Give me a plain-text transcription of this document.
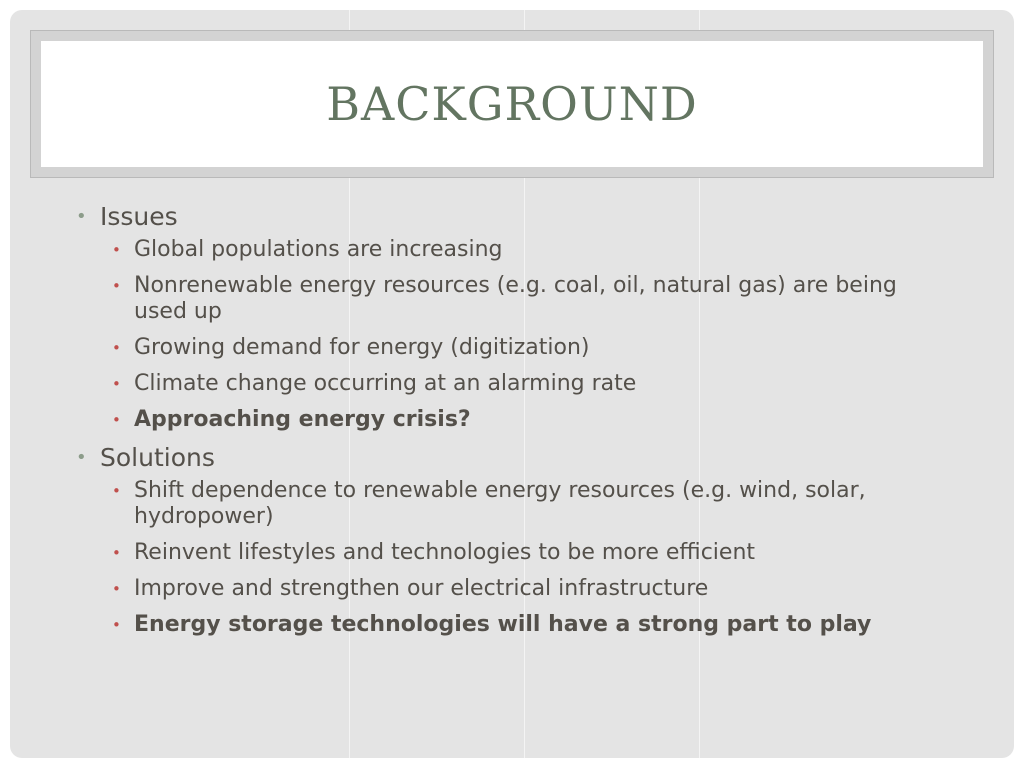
BACKGROUND
• Issues
• Global populations are increasing
• Nonrenewable energy resources (e.g. coal, oil, natural gas) are being used up
• Growing demand for energy (digitization)
• Climate change occurring at an alarming rate
• Approaching energy crisis?
• Solutions
• Shift dependence to renewable energy resources (e.g. wind, solar, hydropower)
• Reinvent lifestyles and technologies to be more efficient
• Improve and strengthen our electrical infrastructure
• Energy storage technologies will have a strong part to play
